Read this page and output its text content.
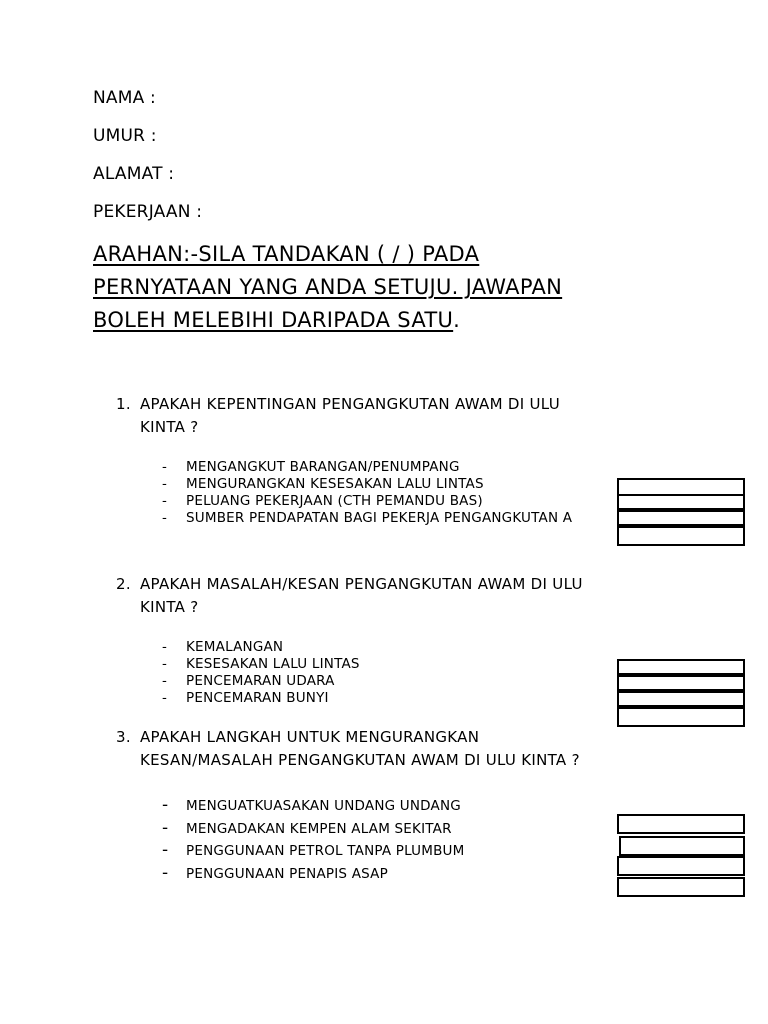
NAMA :
UMUR :
ALAMAT :
PEKERJAAN :
ARAHAN:-SILA TANDAKAN ( / ) PADA
PERNYATAAN YANG ANDA SETUJU. JAWAPAN
BOLEH MELEBIHI DARIPADA SATU.
1. APAKAH KEPENTINGAN PENGANGKUTAN AWAM DI ULU
KINTA ?
- MENGANGKUT BARANGAN/PENUMPANG
- MENGURANGKAN KESESAKAN LALU LINTAS
- PELUANG PEKERJAAN (CTH PEMANDU BAS)
- SUMBER PENDAPATAN BAGI PEKERJA PENGANGKUTAN A
2. APAKAH MASALAH/KESAN PENGANGKUTAN AWAM DI ULU
KINTA ?
- KEMALANGAN
- KESESAKAN LALU LINTAS
- PENCEMARAN UDARA
- PENCEMARAN BUNYI
3. APAKAH LANGKAH UNTUK MENGURANGKAN
KESAN/MASALAH PENGANGKUTAN AWAM DI ULU KINTA ?
- MENGUATKUASAKAN UNDANG UNDANG
- MENGADAKAN KEMPEN ALAM SEKITAR
- PENGGUNAAN PETROL TANPA PLUMBUM
- PENGGUNAAN PENAPIS ASAP
